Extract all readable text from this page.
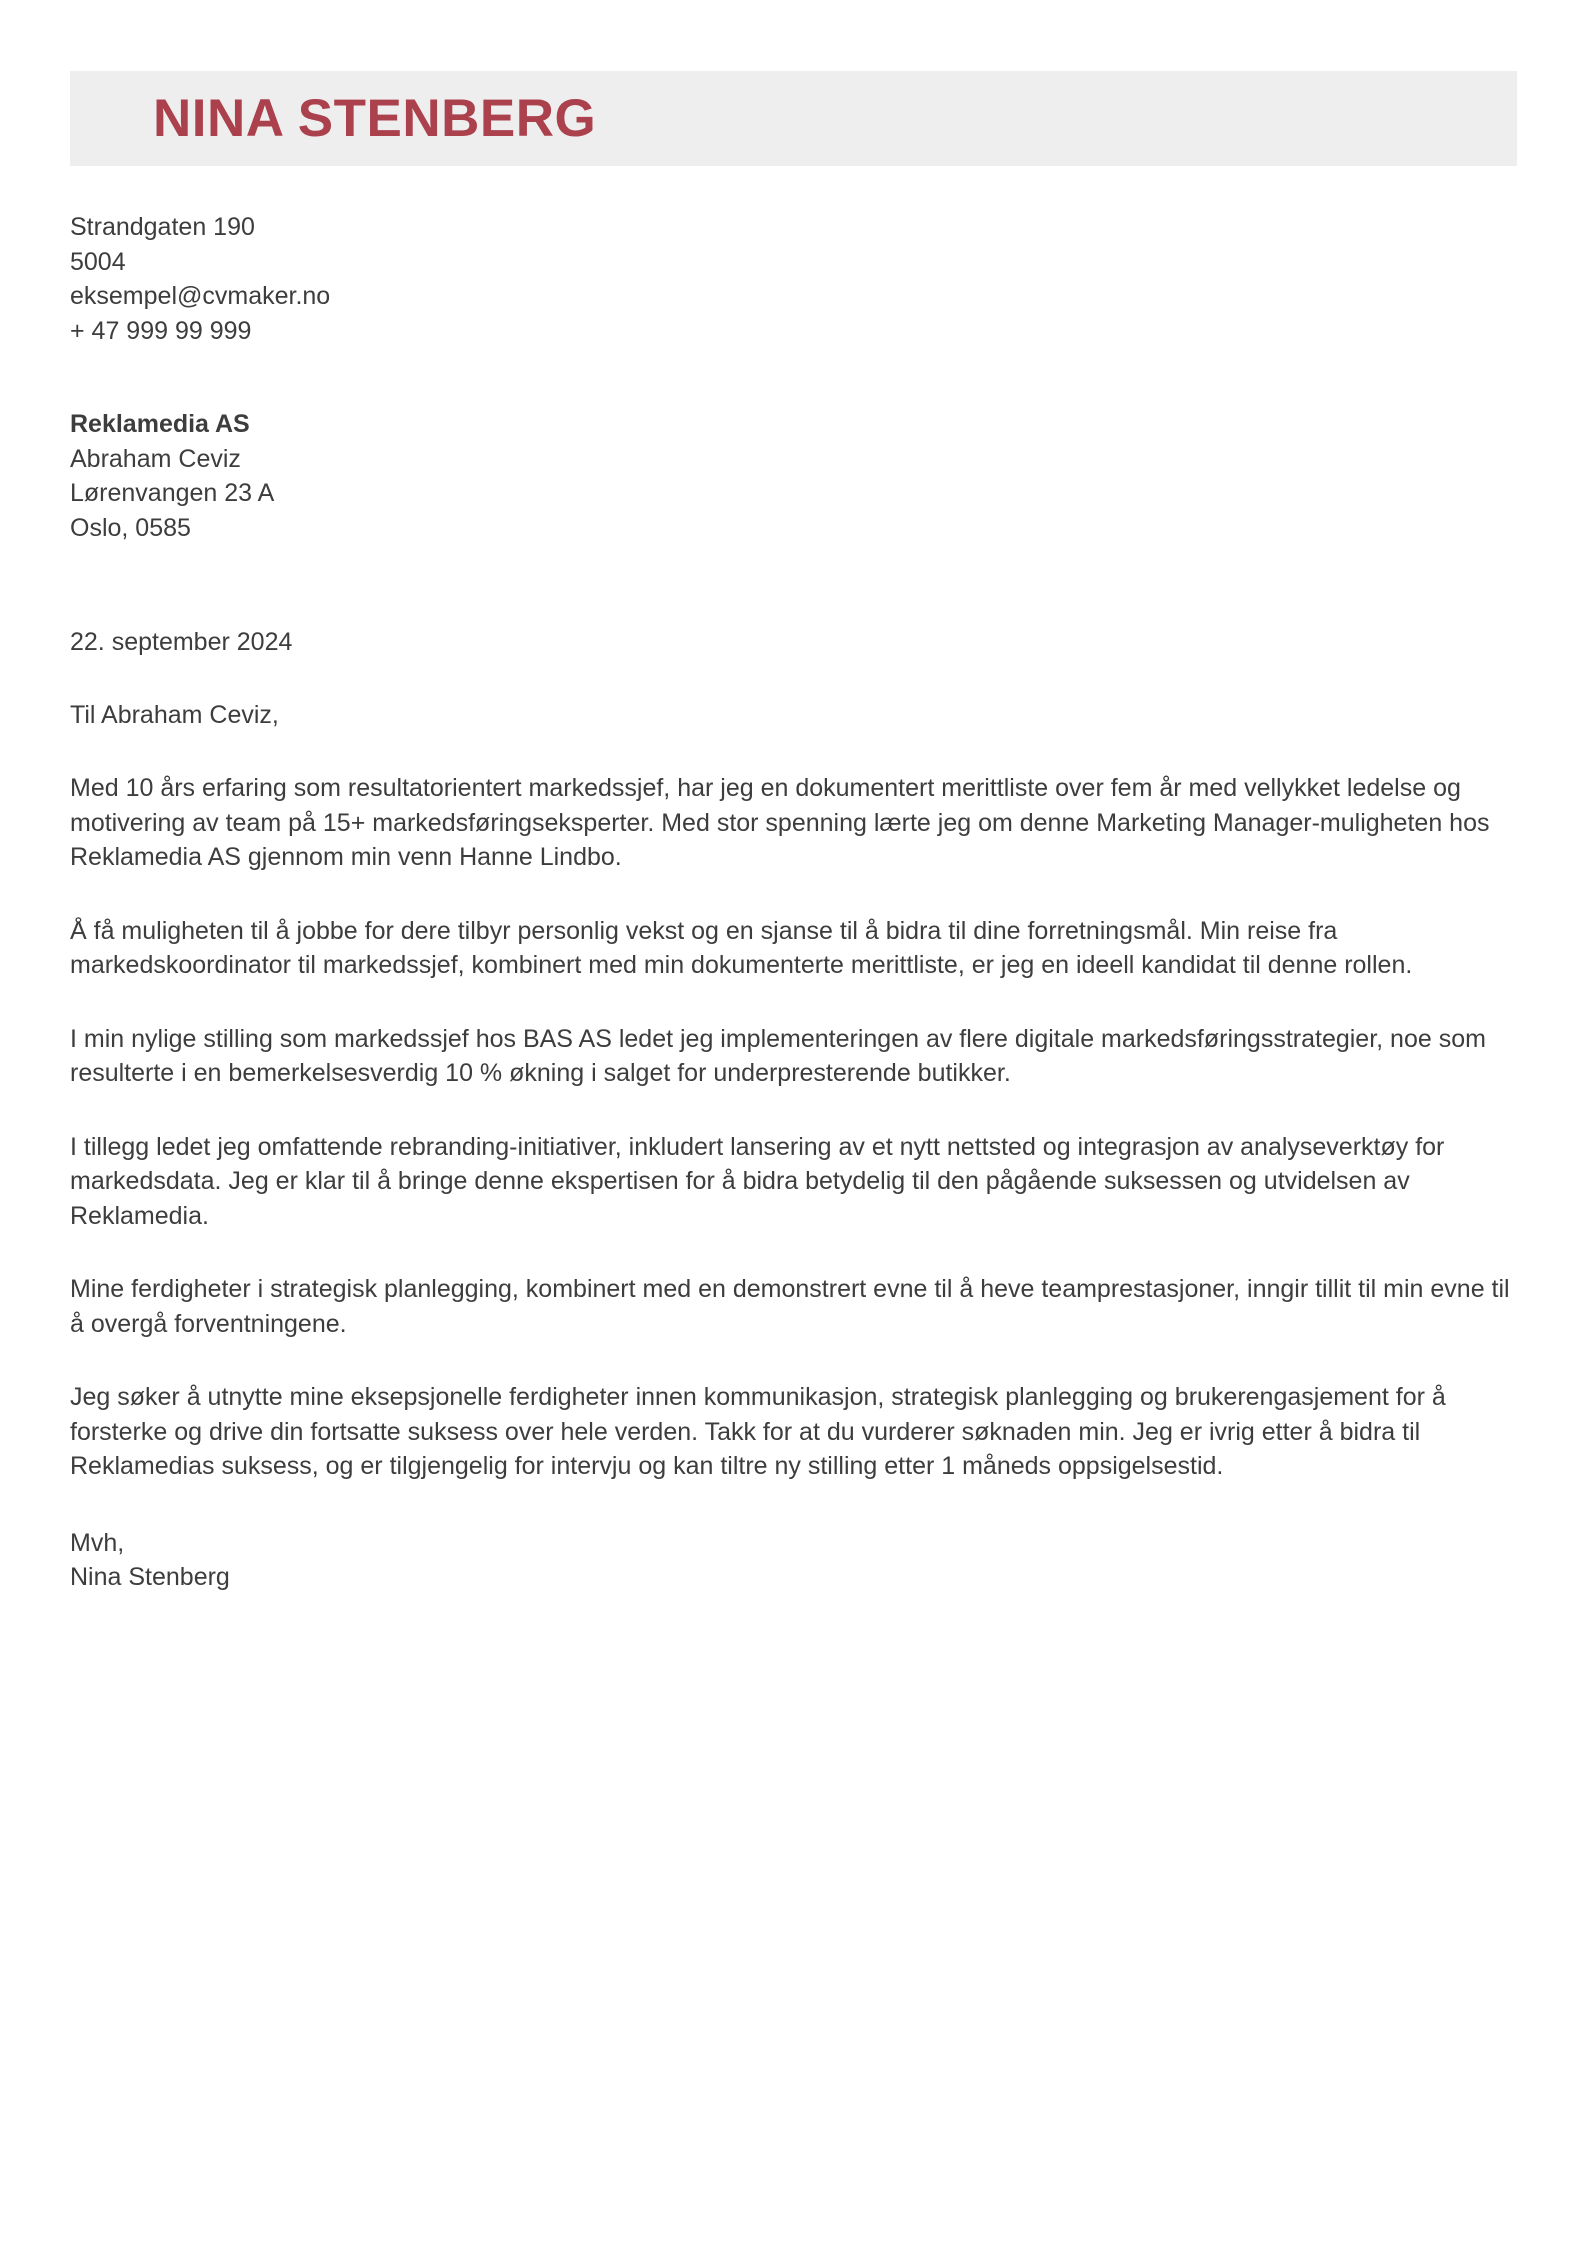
NINA STENBERG
Strandgaten 190
5004
eksempel@cvmaker.no
+ 47 999 99 999
Reklamedia AS
Abraham Ceviz
Lørenvangen 23 A
Oslo, 0585
22. september 2024
Til Abraham Ceviz,

Med 10 års erfaring som resultatorientert markedssjef, har jeg en dokumentert merittliste over fem år med vellykket ledelse og motivering av team på 15+ markedsføringseksperter. Med stor spenning lærte jeg om denne Marketing Manager-muligheten hos Reklamedia AS gjennom min venn Hanne Lindbo.

Å få muligheten til å jobbe for dere tilbyr personlig vekst og en sjanse til å bidra til dine forretningsmål. Min reise fra markedskoordinator til markedssjef, kombinert med min dokumenterte merittliste, er jeg en ideell kandidat til denne rollen.

I min nylige stilling som markedssjef hos BAS AS ledet jeg implementeringen av flere digitale markedsføringsstrategier, noe som resulterte i en bemerkelsesverdig 10 % økning i salget for underpresterende butikker.

I tillegg ledet jeg omfattende rebranding-initiativer, inkludert lansering av et nytt nettsted og integrasjon av analyseverktøy for markedsdata. Jeg er klar til å bringe denne ekspertisen for å bidra betydelig til den pågående suksessen og utvidelsen av Reklamedia.

Mine ferdigheter i strategisk planlegging, kombinert med en demonstrert evne til å heve teamprestasjoner, inngir tillit til min evne til å overgå forventningene.

Jeg søker å utnytte mine eksepsjonelle ferdigheter innen kommunikasjon, strategisk planlegging og brukerengasjement for å forsterke og drive din fortsatte suksess over hele verden. Takk for at du vurderer søknaden min. Jeg er ivrig etter å bidra til Reklamedias suksess, og er tilgjengelig for intervju og kan tiltre ny stilling etter 1 måneds oppsigelsestid.

Mvh,
Nina Stenberg
